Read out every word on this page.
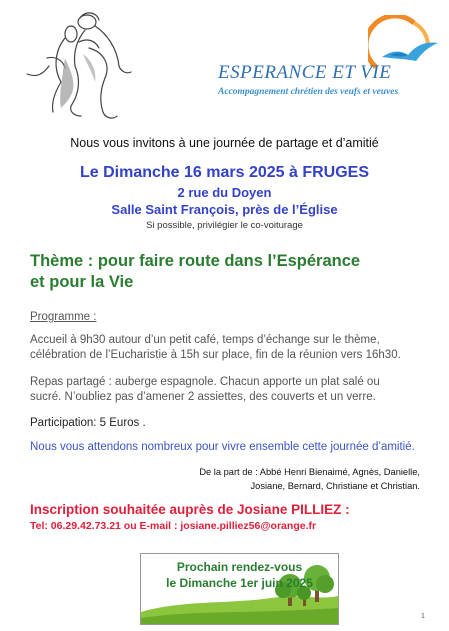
ESPERANCE ET VIE
Accompagnement chrétien des veufs et veuves
Nous vous invitons à une journée de partage et d’amitié
Le Dimanche 16 mars 2025 à FRUGES
2 rue du Doyen
Salle Saint François, près de l’Église
Si possible, privilégier le co-voiturage
Thème : pour faire route dans l’Espérance
et pour la Vie
Programme :
Accueil à 9h30 autour d’un petit café, temps d’échange sur le thème,
célébration de l’Eucharistie à 15h sur place, fin de la réunion vers 16h30.
Repas partagé : auberge espagnole. Chacun apporte un plat salé ou
sucré. N’oubliez pas d’amener 2 assiettes, des couverts et un verre.
Participation: 5 Euros .
Nous vous attendons nombreux pour vivre ensemble cette journée d’amitié.
De la part de : Abbé Henri Bienaimé, Agnès, Danielle,
Josiane, Bernard, Christiane et Christian.
Inscription souhaitée auprès de Josiane PILLIEZ :
Tel: 06.29.42.73.21 ou E-mail : josiane.pilliez56@orange.fr
Prochain rendez-vous
le Dimanche 1er juin 2025
1
